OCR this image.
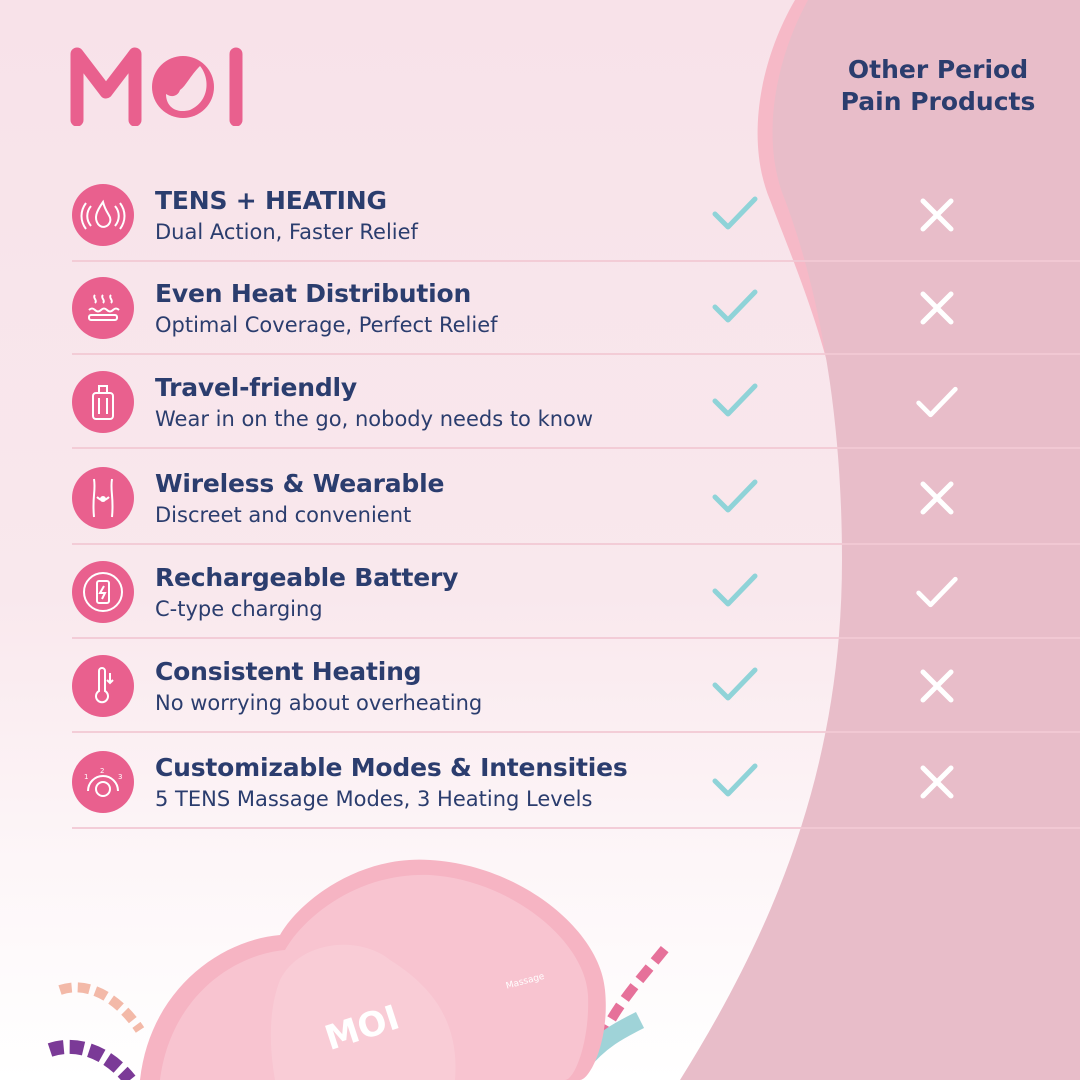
Other Period Pain Products
TENS + HEATING
Dual Action, Faster Relief
Even Heat Distribution
Optimal Coverage, Perfect Relief
Travel-friendly
Wear in on the go, nobody needs to know
Wireless & Wearable
Discreet and convenient
Rechargeable Battery
C-type charging
Consistent Heating
No worrying about overheating
2
3
1	Customizable Modes & Intensities
5 TENS Massage Modes, 3 Heating Levels
MOI
Massage
